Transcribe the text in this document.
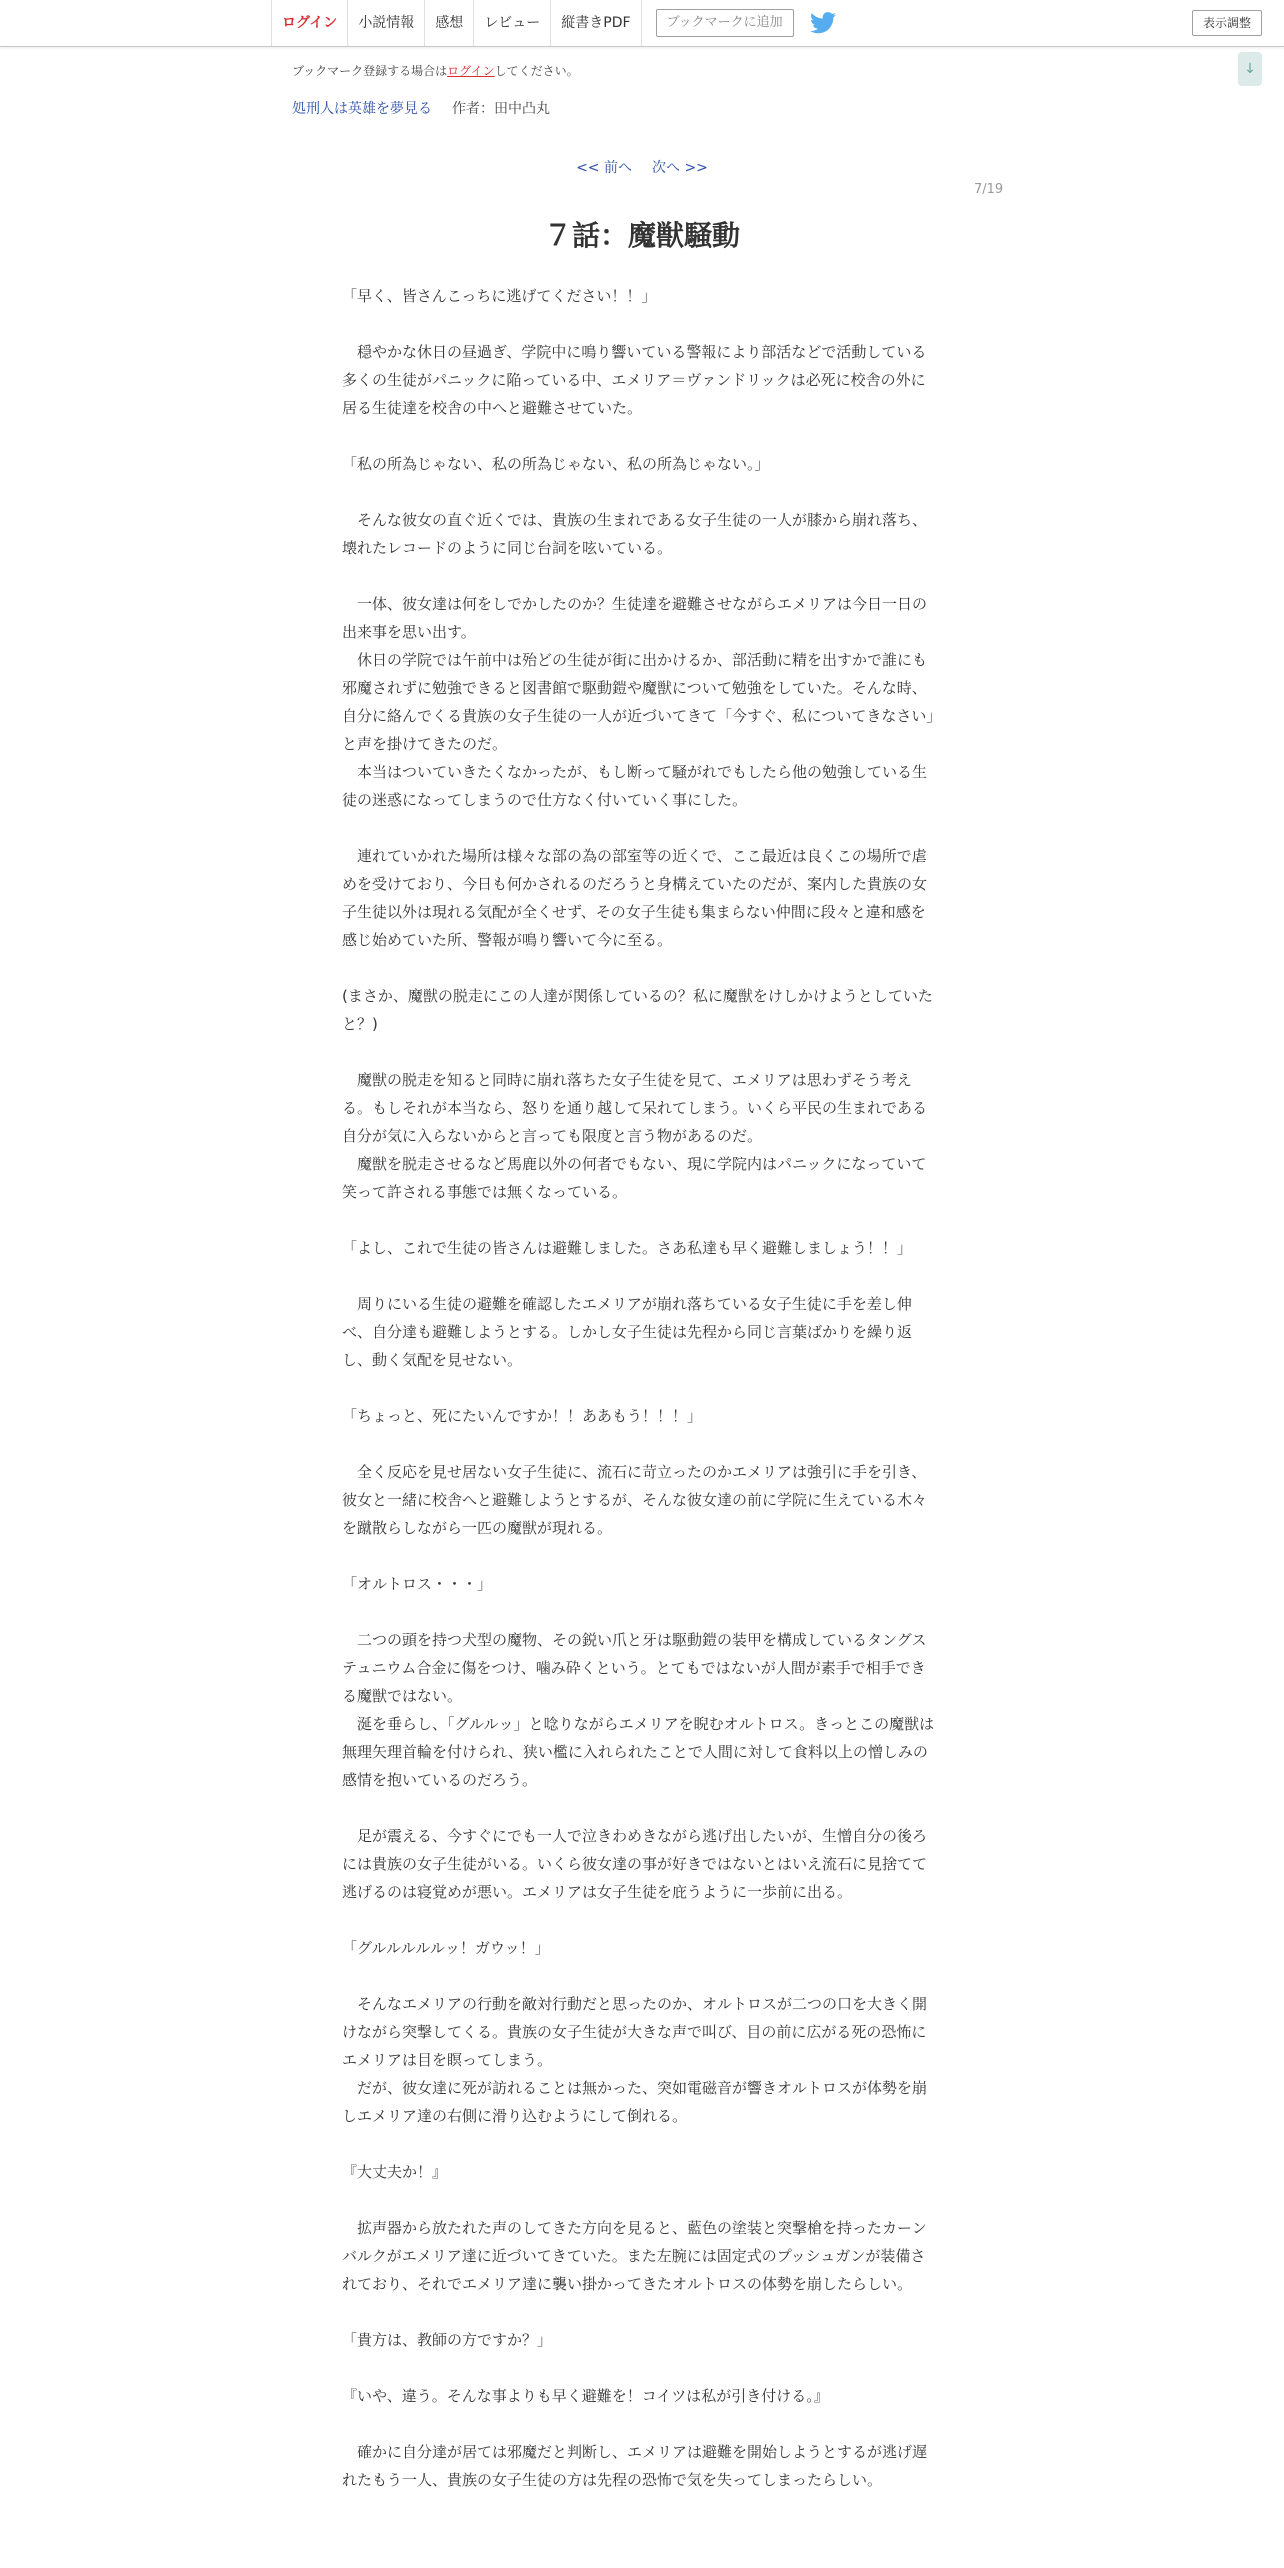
ログイン	小説情報	感想	レビュー	縦書きPDF	ブックマークに追加	表示調整
↓
ブックマーク登録する場合はログインしてください。
処刑人は英雄を夢見る 作者：田中凸丸
<< 前へ 次へ >>
7/19
７話：魔獣騒動

「早く、皆さんこっちに逃げてください！！」

　穏やかな休日の昼過ぎ、学院中に鳴り響いている警報により部活などで活動している多くの生徒がパニックに陥っている中、エメリア＝ヴァンドリックは必死に校舎の外に居る生徒達を校舎の中へと避難させていた。

「私の所為じゃない、私の所為じゃない、私の所為じゃない。」

　そんな彼女の直ぐ近くでは、貴族の生まれである女子生徒の一人が膝から崩れ落ち、壊れたレコードのように同じ台詞を呟いている。

　一体、彼女達は何をしでかしたのか？生徒達を避難させながらエメリアは今日一日の出来事を思い出す。

　休日の学院では午前中は殆どの生徒が街に出かけるか、部活動に精を出すかで誰にも邪魔されずに勉強できると図書館で駆動鎧や魔獣について勉強をしていた。そんな時、自分に絡んでくる貴族の女子生徒の一人が近づいてきて「今すぐ、私についてきなさい」と声を掛けてきたのだ。

　本当はついていきたくなかったが、もし断って騒がれでもしたら他の勉強している生徒の迷惑になってしまうので仕方なく付いていく事にした。

　連れていかれた場所は様々な部の為の部室等の近くで、ここ最近は良くこの場所で虐めを受けており、今日も何かされるのだろうと身構えていたのだが、案内した貴族の女子生徒以外は現れる気配が全くせず、その女子生徒も集まらない仲間に段々と違和感を感じ始めていた所、警報が鳴り響いて今に至る。

(まさか、魔獣の脱走にこの人達が関係しているの？私に魔獣をけしかけようとしていたと？)

　魔獣の脱走を知ると同時に崩れ落ちた女子生徒を見て、エメリアは思わずそう考える。もしそれが本当なら、怒りを通り越して呆れてしまう。いくら平民の生まれである自分が気に入らないからと言っても限度と言う物があるのだ。

　魔獣を脱走させるなど馬鹿以外の何者でもない、現に学院内はパニックになっていて笑って許される事態では無くなっている。

「よし、これで生徒の皆さんは避難しました。さあ私達も早く避難しましょう！！」

　周りにいる生徒の避難を確認したエメリアが崩れ落ちている女子生徒に手を差し伸べ、自分達も避難しようとする。しかし女子生徒は先程から同じ言葉ばかりを繰り返し、動く気配を見せない。

「ちょっと、死にたいんですか！！ああもう！！！」

　全く反応を見せ居ない女子生徒に、流石に苛立ったのかエメリアは強引に手を引き、彼女と一緒に校舎へと避難しようとするが、そんな彼女達の前に学院に生えている木々を蹴散らしながら一匹の魔獣が現れる。

「オルトロス・・・」

　二つの頭を持つ犬型の魔物、その鋭い爪と牙は駆動鎧の装甲を構成しているタングステュニウム合金に傷をつけ、噛み砕くという。とてもではないが人間が素手で相手できる魔獣ではない。

　涎を垂らし、「グルルッ」と唸りながらエメリアを睨むオルトロス。きっとこの魔獣は無理矢理首輪を付けられ、狭い檻に入れられたことで人間に対して食料以上の憎しみの感情を抱いているのだろう。

　足が震える、今すぐにでも一人で泣きわめきながら逃げ出したいが、生憎自分の後ろには貴族の女子生徒がいる。いくら彼女達の事が好きではないとはいえ流石に見捨てて逃げるのは寝覚めが悪い。エメリアは女子生徒を庇うように一歩前に出る。

「グルルルルルッ！ガウッ！」

　そんなエメリアの行動を敵対行動だと思ったのか、オルトロスが二つの口を大きく開けながら突撃してくる。貴族の女子生徒が大きな声で叫び、目の前に広がる死の恐怖にエメリアは目を瞑ってしまう。

　だが、彼女達に死が訪れることは無かった、突如電磁音が響きオルトロスが体勢を崩しエメリア達の右側に滑り込むようにして倒れる。

『大丈夫か！』

　拡声器から放たれた声のしてきた方向を見ると、藍色の塗装と突撃槍を持ったカーンバルクがエメリア達に近づいてきていた。また左腕には固定式のプッシュガンが装備されており、それでエメリア達に襲い掛かってきたオルトロスの体勢を崩したらしい。

「貴方は、教師の方ですか？」

『いや、違う。そんな事よりも早く避難を！コイツは私が引き付ける。』

　確かに自分達が居ては邪魔だと判断し、エメリアは避難を開始しようとするが逃げ遅れたもう一人、貴族の女子生徒の方は先程の恐怖で気を失ってしまったらしい。
